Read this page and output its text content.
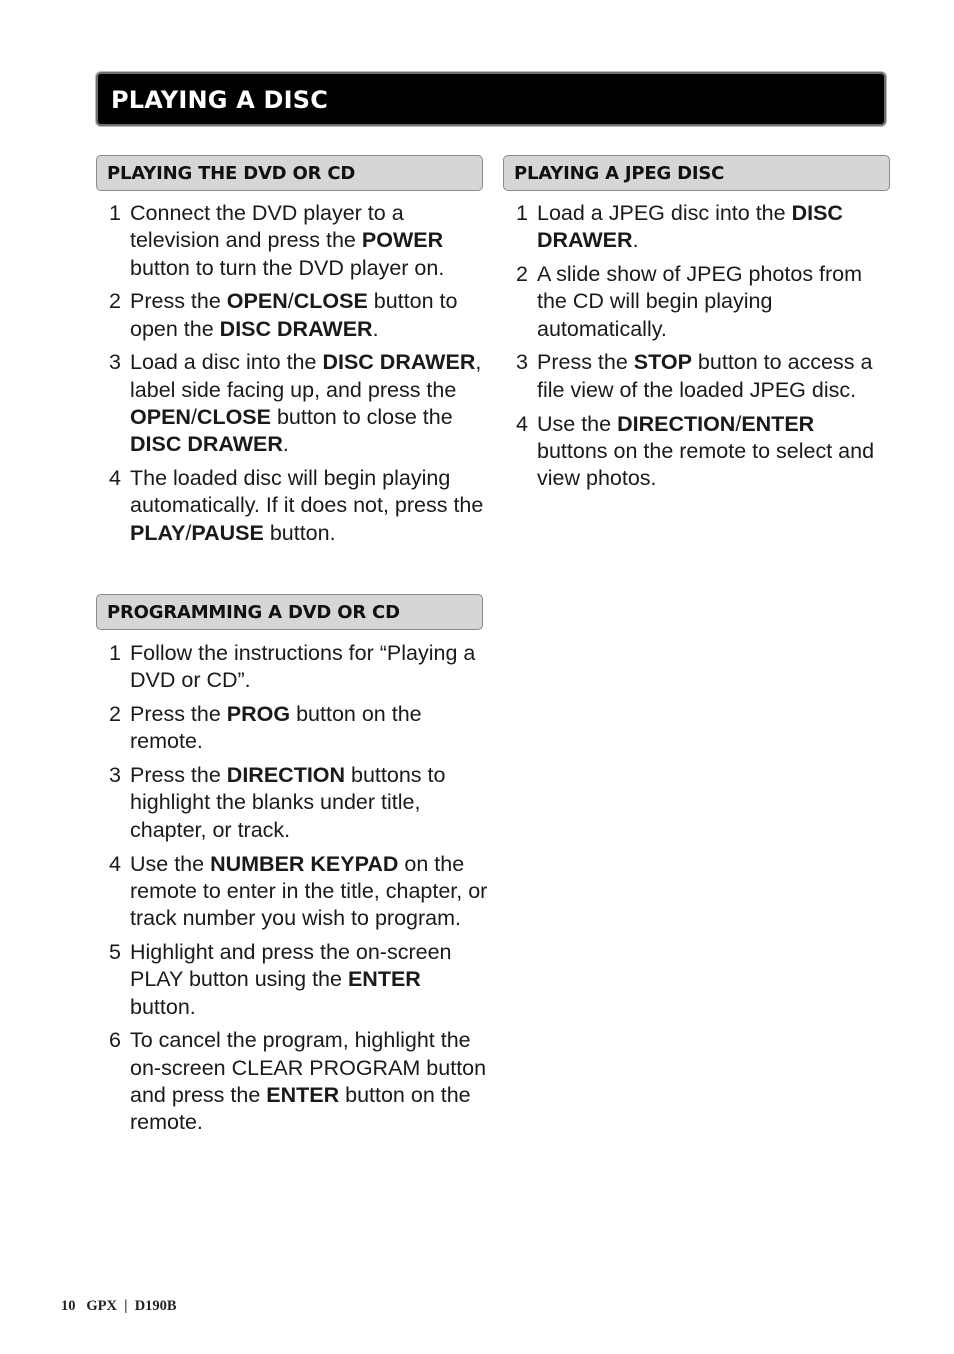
PLAYING A DISC
PLAYING THE DVD OR CD
1 Connect the DVD player to a television and press the POWER button to turn the DVD player on.
2 Press the OPEN/CLOSE button to open the DISC DRAWER.
3 Load a disc into the DISC DRAWER, label side facing up, and press the OPEN/CLOSE button to close the DISC DRAWER.
4 The loaded disc will begin playing automatically. If it does not, press the PLAY/PAUSE button.
PROGRAMMING A DVD OR CD
1 Follow the instructions for “Playing a DVD or CD”.
2 Press the PROG button on the remote.
3 Press the DIRECTION buttons to highlight the blanks under title, chapter, or track.
4 Use the NUMBER KEYPAD on the remote to enter in the title, chapter, or track number you wish to program.
5 Highlight and press the on-screen PLAY button using the ENTER button.
6 To cancel the program, highlight the on-screen CLEAR PROGRAM button and press the ENTER button on the remote.
PLAYING A JPEG DISC
1 Load a JPEG disc into the DISC DRAWER.
2 A slide show of JPEG photos from the CD will begin playing automatically.
3 Press the STOP button to access a file view of the loaded JPEG disc.
4 Use the DIRECTION/ENTER buttons on the remote to select and view photos.
10 GPX | D190B
